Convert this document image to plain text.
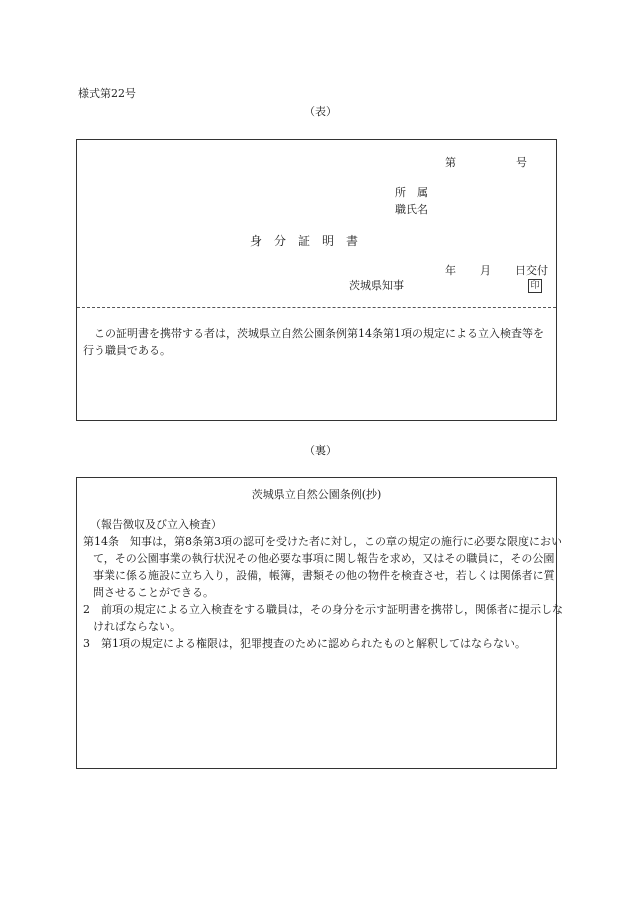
様式第22号
（表）
第	号
所　属
職氏名
身　分　証　明　書
年 月 日交付
茨城県知事	印
この証明書を携帯する者は，茨城県立自然公園条例第14条第1項の規定による立入検査等を行う職員である。
（裏）
茨城県立自然公園条例(抄)
（報告徴収及び立入検査）
第14条　知事は，第8条第3項の認可を受けた者に対し，この章の規定の施行に必要な限度において，その公園事業の執行状況その他必要な事項に関し報告を求め，又はその職員に，その公園事業に係る施設に立ち入り，設備，帳簿，書類その他の物件を検査させ，若しくは関係者に質問させることができる。
2　前項の規定による立入検査をする職員は，その身分を示す証明書を携帯し，関係者に提示しなければならない。
3　第1項の規定による権限は，犯罪捜査のために認められたものと解釈してはならない。
